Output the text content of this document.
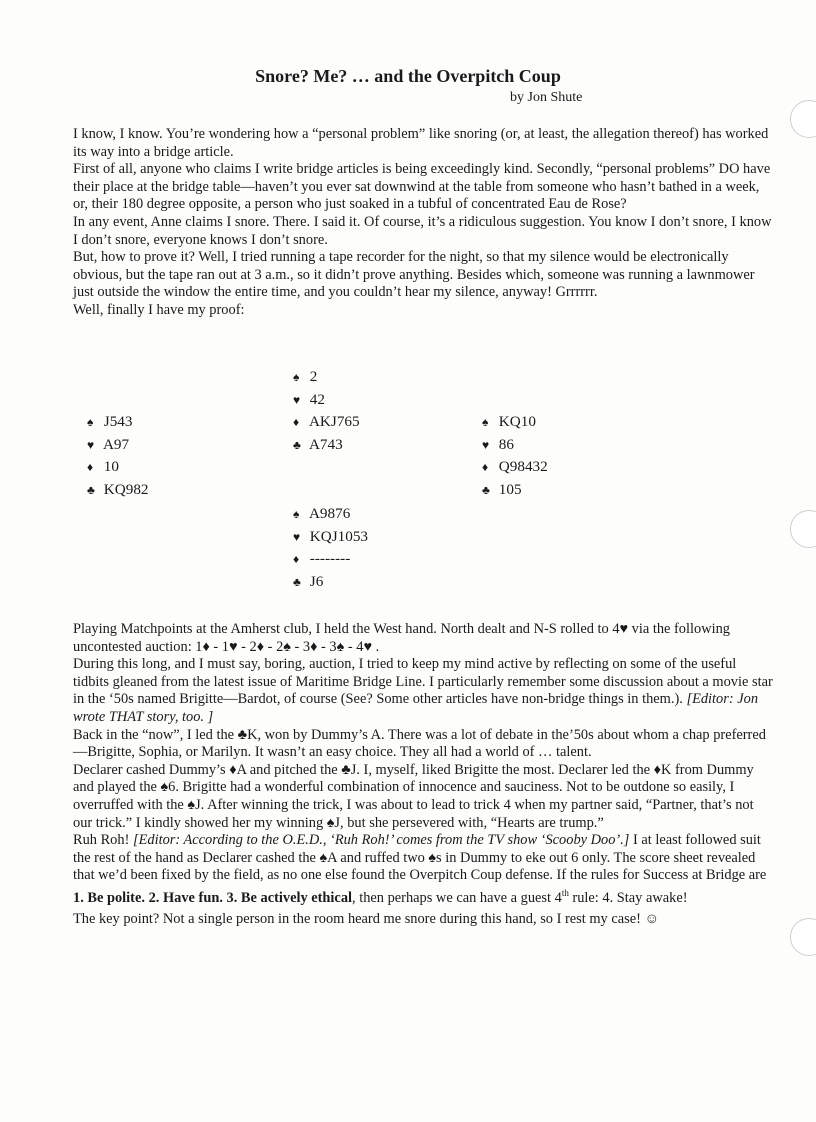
Snore? Me? … and the Overpitch Coup
by Jon Shute

I know, I know. You’re wondering how a “personal problem” like snoring (or, at least, the allegation thereof) has worked its way into a bridge article.

First of all, anyone who claims I write bridge articles is being exceedingly kind. Secondly, “personal problems” DO have their place at the bridge table—haven’t you ever sat downwind at the table from someone who hasn’t bathed in a week, or, their 180 degree opposite, a person who just soaked in a tubful of concentrated Eau de Rose?

In any event, Anne claims I snore. There. I said it. Of course, it’s a ridiculous suggestion. You know I don’t snore, I know I don’t snore, everyone knows I don’t snore.

But, how to prove it? Well, I tried running a tape recorder for the night, so that my silence would be electronically obvious, but the tape ran out at 3 a.m., so it didn’t prove anything. Besides which, someone was running a lawnmower just outside the window the entire time, and you couldn’t hear my silence, anyway! Grrrrrr.

Well, finally I have my proof:

♠ 2
♥ 42
♦ AKJ765
♣ A743
♠ J543
♥ A97
♦ 10
♣ KQ982
♠ KQ10
♥ 86
♦ Q98432
♣ 105
♠ A9876
♥ KQJ1053
♦ --------
♣ J6

Playing Matchpoints at the Amherst club, I held the West hand. North dealt and N-S rolled to 4♥ via the following uncontested auction: 1♦ - 1♥ - 2♦ - 2♠ - 3♦ - 3♠ - 4♥ .

During this long, and I must say, boring, auction, I tried to keep my mind active by reflecting on some of the useful tidbits gleaned from the latest issue of Maritime Bridge Line. I particularly remember some discussion about a movie star in the ‘50s named Brigitte—Bardot, of course (See? Some other articles have non-bridge things in them.). [Editor: Jon wrote THAT story, too. ]

Back in the “now”, I led the ♣K, won by Dummy’s A. There was a lot of debate in the’50s about whom a chap preferred—Brigitte, Sophia, or Marilyn. It wasn’t an easy choice. They all had a world of … talent.

Declarer cashed Dummy’s ♦A and pitched the ♣J. I, myself, liked Brigitte the most. Declarer led the ♦K from Dummy and played the ♠6. Brigitte had a wonderful combination of innocence and sauciness. Not to be outdone so easily, I overruffed with the ♠J. After winning the trick, I was about to lead to trick 4 when my partner said, “Partner, that’s not our trick.” I kindly showed her my winning ♠J, but she persevered with, “Hearts are trump.”

Ruh Roh! [Editor: According to the O.E.D., ‘Ruh Roh!’ comes from the TV show ‘Scooby Doo’.] I at least followed suit the rest of the hand as Declarer cashed the ♠A and ruffed two ♠s in Dummy to eke out 6 only. The score sheet revealed that we’d been fixed by the field, as no one else found the Overpitch Coup defense. If the rules for Success at Bridge are 1. Be polite. 2. Have fun. 3. Be actively ethical, then perhaps we can have a guest 4th rule: 4. Stay awake!

The key point? Not a single person in the room heard me snore during this hand, so I rest my case! ☺
